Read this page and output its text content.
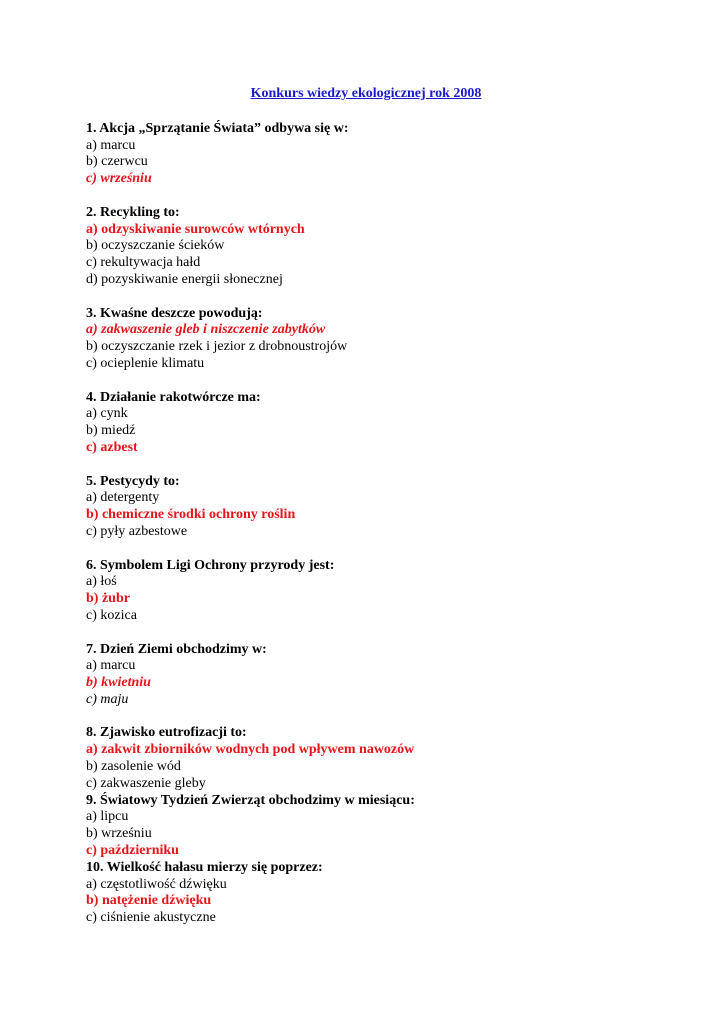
Konkurs wiedzy ekologicznej rok 2008
1. Akcja „Sprzątanie Świata” odbywa się w:
a) marcu
b) czerwcu
c) wrześniu
2. Recykling to:
a) odzyskiwanie surowców wtórnych
b) oczyszczanie ścieków
c) rekultywacja hałd
d) pozyskiwanie energii słonecznej
3. Kwaśne deszcze powodują:
a) zakwaszenie gleb i niszczenie zabytków
b) oczyszczanie rzek i jezior z drobnoustrojów
c) ocieplenie klimatu
4. Działanie rakotwórcze ma:
a) cynk
b) miedź
c) azbest
5. Pestycydy to:
a) detergenty
b) chemiczne środki ochrony roślin
c) pyły azbestowe
6. Symbolem Ligi Ochrony przyrody jest:
a) łoś
b) żubr
c) kozica
7. Dzień Ziemi obchodzimy w:
a) marcu
b) kwietniu
c) maju
8. Zjawisko eutrofizacji to:
a) zakwit zbiorników wodnych pod wpływem nawozów
b) zasolenie wód
c) zakwaszenie gleby
9. Światowy Tydzień Zwierząt obchodzimy w miesiącu:
a) lipcu
b) wrześniu
c) październiku
10. Wielkość hałasu mierzy się poprzez:
a) częstotliwość dźwięku
b) natężenie dźwięku
c) ciśnienie akustyczne
